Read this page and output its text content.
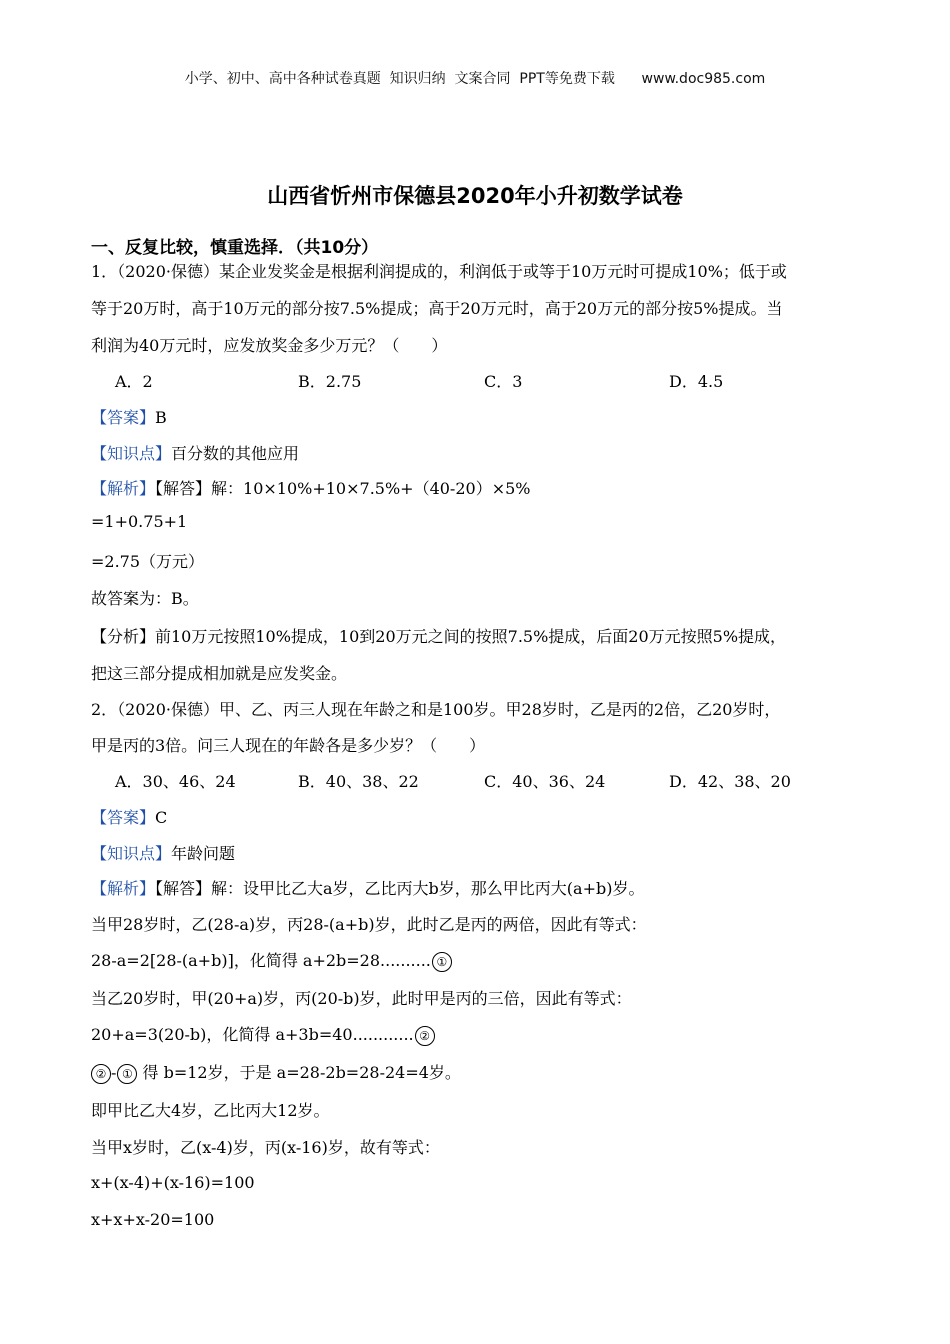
小学、初中、高中各种试卷真题  知识归纳  文案合同  PPT等免费下载      www.doc985.com
山西省忻州市保德县2020年小升初数学试卷
一、反复比较，慎重选择．（共10分）
1．（2020·保德）某企业发奖金是根据利润提成的，利润低于或等于10万元时可提成10%；低于或
等于20万时，高于10万元的部分按7.5%提成；高于20万元时，高于20万元的部分按5%提成。当
利润为40万元时，应发放奖金多少万元？（　　）
A．2	B．2.75	C．3	D．4.5
【答案】B
【知识点】百分数的其他应用
【解析】【解答】解：10×10%+10×7.5%+（40-20）×5%
=1+0.75+1
=2.75（万元）
故答案为：B。
【分析】前10万元按照10%提成，10到20万元之间的按照7.5%提成，后面20万元按照5%提成，
把这三部分提成相加就是应发奖金。
2．（2020·保德）甲、乙、丙三人现在年龄之和是100岁。甲28岁时，乙是丙的2倍，乙20岁时，
甲是丙的3倍。问三人现在的年龄各是多少岁？（　　）
A．30、46、24	B．40、38、22	C．40、36、24	D．42、38、20
【答案】C
【知识点】年龄问题
【解析】【解答】解：设甲比乙大a岁，乙比丙大b岁，那么甲比丙大(a+b)岁。
当甲28岁时，乙(28-a)岁，丙28-(a+b)岁，此时乙是丙的两倍，因此有等式：
28-a=2[28-(a+b)]，化简得 a+2b=28.......... ①
当乙20岁时，甲(20+a)岁，丙(20-b)岁，此时甲是丙的三倍，因此有等式：
20+a=3(20-b)，化简得 a+3b=40............ ②
② - ① 得 b=12岁，于是 a=28-2b=28-24=4岁。
即甲比乙大4岁，乙比丙大12岁。
当甲x岁时，乙(x-4)岁，丙(x-16)岁，故有等式：
x+(x-4)+(x-16)=100
x+x+x-20=100
